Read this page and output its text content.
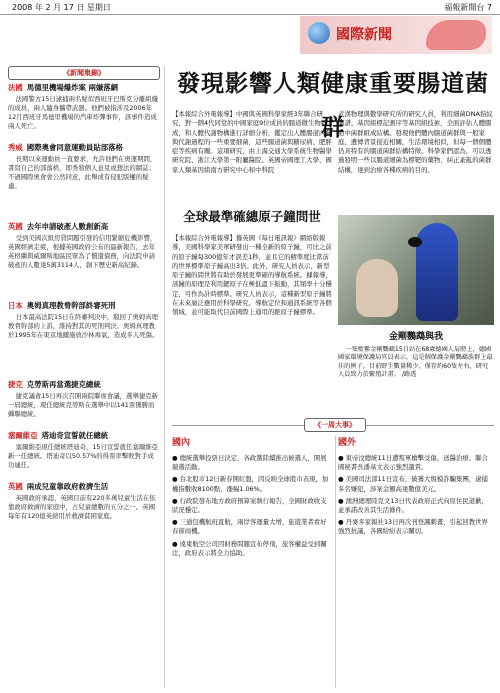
2008 年 2 月 17 日 星期日	福報新聞台 7
國際新聞
《新聞集錦》
法國 馬德里機場爆炸案 兩嫌落網
法國警方15日逮捕兩名疑似西班牙巴斯克分離組織的成員，兩人隨身攜帶武器。他們被指涉及2006年12月西班牙馬德里機場的汽車炸彈事件，該事件造成兩人死亡。
秀威 國際奧會同意運動員貼部落格
長期以來運動員一直要求，允許他們在奧運期間，書寫自己的部落格，即秀發個人意見或想法的網誌；不過國際奧會會公然同意，此舉或有侵犯版權的疑慮。
英國 去年申請破產人數創新高
受到美國次級房貸問題引發的信用緊縮危機影響，英國經濟走疲，根據英國政府公布的最新報告，去年英格蘭與威爾斯地區民眾為了償還債務，向法院申請破產的人數達5萬3114人，創下歷史新高紀錄。
日本 奧姆真理教脅幹部終審死刑
日本最高法院15日在終審判決中，駁回了奧姆真理教脅幹部的上訴，維持對其的死刑判決。奧姆真理教於1995年在東京地鐵施放沙林毒氣，造成多人死傷。
捷克 克勞斯再當選捷克總統
捷克議會15日再次召開兩院聯席會議，選舉捷克新一屆總統，現任總統克勞斯在選舉中以141票獲勝而蟬聯總統。
塞爾維亞 塔迪奇宣誓就任總統
塞爾維亞現任總統塔迪奇，15日宣誓就任塞爾維亞新一任總統。塔迪奇以50.57%的得票率擊敗對手成功連任。
英國 兩成兒童靠政府救濟生活
英國政府承認，英國目前有220多萬兒童生活在依靠政府救濟的家庭中，占兒童總數的五分之一。英國每年有120億英鎊用於救濟貧困家庭。
發現影響人類健康重要腸道菌群
【本報綜合外電報導】中國與英國科學家經3年聯合研究，對一個4代同堂的中國家庭9位成員的腸道微生物組成，和人體代謝物構進行詳細分析，鑑定出人體腸道內參與代謝過程的一些重要細菌，這些腸道菌與糖尿病、肥胖症等疾病有關。這項研究，由上海交通大學系統生物醫學研究院、浙江大學第一附屬醫院、英國帝國理工大學、國家人類基因組南方研究中心和中科院
武漢物理與數學研究所的研究人員，利用細菌DNA指紋圖譜、基因組標記測序等基因組技術，全面評估人體腸道中菌群組成結構。發現他們體內腸道菌群與一般家庭、遺傳背景接近相關，生活環境相似，但每一個個體仍具特有的腸道菌群結構特徵。科學家們認為，可以透過發明一些以腸道細菌為標靶的藥物，糾正紊亂的菌群結構，達到治療各種疾病的目的。
全球最準確總原子鐘問世
【本報綜合外電報導】據英國《每日電訊報》網絡版報導，美國科學家美軍研發出一種全新的原子鐘，可比之前的原子鐘每300億年才誤差1秒，並且它的精準度比當前的世界標準原子鐘高出3倍。此外，研究人員表示，新型原子鐘的問世將有助於發展更準確的導航系統。據報導，該鐘的原理是利用鍶原子在極低溫下振動，其頻率十分穩定，可作為計時標準。研究人員表示，這種新型原子鐘將在未來廣泛應用於科學研究、導航定位和通訊系統等各個領域，並可能取代目前國際上通用的銫原子鐘標準。
金剛鸚鵡與我
一隻藍紫金剛鸚鵡15日站在68歲德國人肩膀上，德國國家環境保護局官員表示，這是個保護金剛鸚鵡族群上最佳的例子。目前野生數量稀少，僅存約60隻左右，研究人員致力於繁殖計畫。 /路透
《一周大事》
國內
● 總統選舉投票日決定，各政黨陸續推出候選人，開展競選活動。
● 台北股市12日新春開紅盤，因反映全球股市表現，加權指數收8100點，漲幅1.06%。
● 行政院發布地方政府預算案執行報告，全國財政收支狀況穩定。
● 三通包機航班直航，兩岸客運量大增，旅遊業者看好春節商機。
● 遠東航空公司因財務問題宣布停飛，旅客權益受到關注，政府表示將全力協助。
國外
● 東帝汶總統11日遭叛軍槍擊受傷，送醫治療。聯合國秘書長潘基文表示強烈譴責。
● 美國司法部11日宣布，破獲大規模詐騙集團，逮捕多名嫌犯，涉案金額高達數億美元。
● 澳洲總理陸克文13日代表政府正式向原住民道歉，並承諾改善其生活條件。
● 丹麥多家報社13日再次刊登諷刺畫，引起回教世界強烈抗議，各國紛紛表示關切。
